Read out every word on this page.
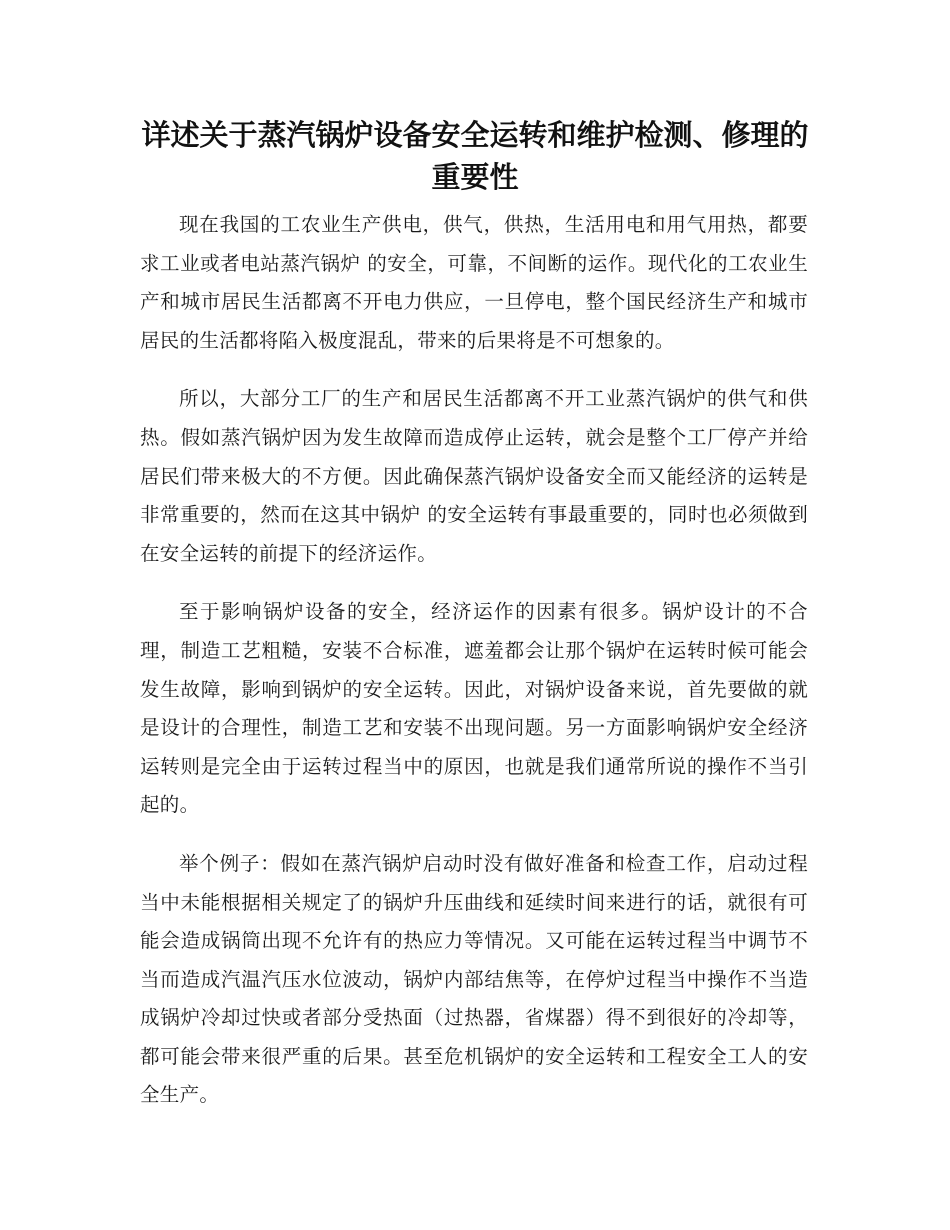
详述关于蒸汽锅炉设备安全运转和维护检测、修理的重要性

现在我国的工农业生产供电，供气，供热，生活用电和用气用热，都要求工业或者电站蒸汽锅炉 的安全，可靠，不间断的运作。现代化的工农业生产和城市居民生活都离不开电力供应，一旦停电，整个国民经济生产和城市居民的生活都将陷入极度混乱，带来的后果将是不可想象的。

所以，大部分工厂的生产和居民生活都离不开工业蒸汽锅炉的供气和供热。假如蒸汽锅炉因为发生故障而造成停止运转，就会是整个工厂停产并给居民们带来极大的不方便。因此确保蒸汽锅炉设备安全而又能经济的运转是非常重要的，然而在这其中锅炉 的安全运转有事最重要的，同时也必须做到在安全运转的前提下的经济运作。

至于影响锅炉设备的安全，经济运作的因素有很多。锅炉设计的不合理，制造工艺粗糙，安装不合标准，遮羞都会让那个锅炉在运转时候可能会发生故障，影响到锅炉的安全运转。因此，对锅炉设备来说，首先要做的就是设计的合理性，制造工艺和安装不出现问题。另一方面影响锅炉安全经济运转则是完全由于运转过程当中的原因，也就是我们通常所说的操作不当引起的。

举个例子：假如在蒸汽锅炉启动时没有做好准备和检查工作，启动过程当中未能根据相关规定了的锅炉升压曲线和延续时间来进行的话，就很有可能会造成锅筒出现不允许有的热应力等情况。又可能在运转过程当中调节不当而造成汽温汽压水位波动，锅炉内部结焦等，在停炉过程当中操作不当造成锅炉冷却过快或者部分受热面（过热器，省煤器）得不到很好的冷却等，都可能会带来很严重的后果。甚至危机锅炉的安全运转和工程安全工人的安全生产。
